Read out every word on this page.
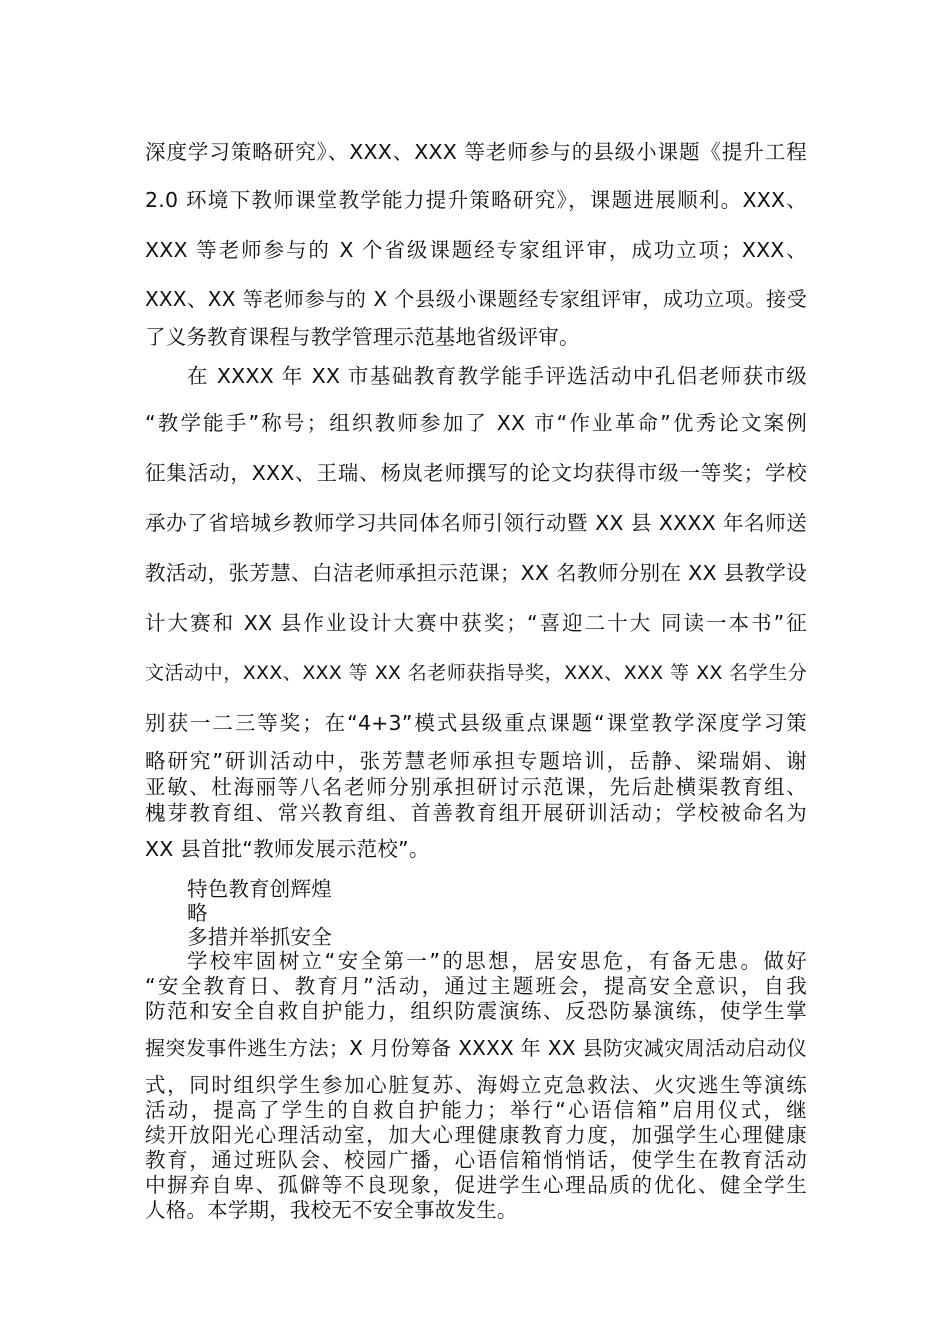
深度学习策略研究》、XXX、XXX 等老师参与的县级小课题《提升工程

2.0 环境下教师课堂教学能力提升策略研究》，课题进展顺利。XXX、

XXX 等老师参与的 X 个省级课题经专家组评审，成功立项；XXX、

XXX、XX 等老师参与的 X 个县级小课题经专家组评审，成功立项。接受

了义务教育课程与教学管理示范基地省级评审。

在 XXXX 年 XX 市基础教育教学能手评选活动中孔侣老师获市级

“教学能手”称号；组织教师参加了 XX 市“作业革命”优秀论文案例

征集活动，XXX、王瑞、杨岚老师撰写的论文均获得市级一等奖；学校

承办了省培城乡教师学习共同体名师引领行动暨 XX 县 XXXX 年名师送

教活动，张芳慧、白洁老师承担示范课；XX 名教师分别在 XX 县教学设

计大赛和 XX 县作业设计大赛中获奖；“喜迎二十大 同读一本书”征

文活动中，XXX、XXX 等 XX 名老师获指导奖，XXX、XXX 等 XX 名学生分

别获一二三等奖；在“4+3”模式县级重点课题“课堂教学深度学习策

略研究”研训活动中，张芳慧老师承担专题培训，岳静、梁瑞娟、谢

亚敏、杜海丽等八名老师分别承担研讨示范课，先后赴横渠教育组、

槐芽教育组、常兴教育组、首善教育组开展研训活动；学校被命名为

XX 县首批“教师发展示范校”。

特色教育创辉煌

略

多措并举抓安全

学校牢固树立“安全第一”的思想，居安思危，有备无患。做好

“安全教育日、教育月”活动，通过主题班会，提高安全意识，自我

防范和安全自救自护能力，组织防震演练、反恐防暴演练，使学生掌

握突发事件逃生方法；X 月份筹备 XXXX 年 XX 县防灾减灾周活动启动仪

式，同时组织学生参加心脏复苏、海姆立克急救法、火灾逃生等演练

活动，提高了学生的自救自护能力；举行“心语信箱”启用仪式，继

续开放阳光心理活动室，加大心理健康教育力度，加强学生心理健康

教育，通过班队会、校园广播，心语信箱悄悄话，使学生在教育活动

中摒弃自卑、孤僻等不良现象，促进学生心理品质的优化、健全学生

人格。本学期，我校无不安全事故发生。
